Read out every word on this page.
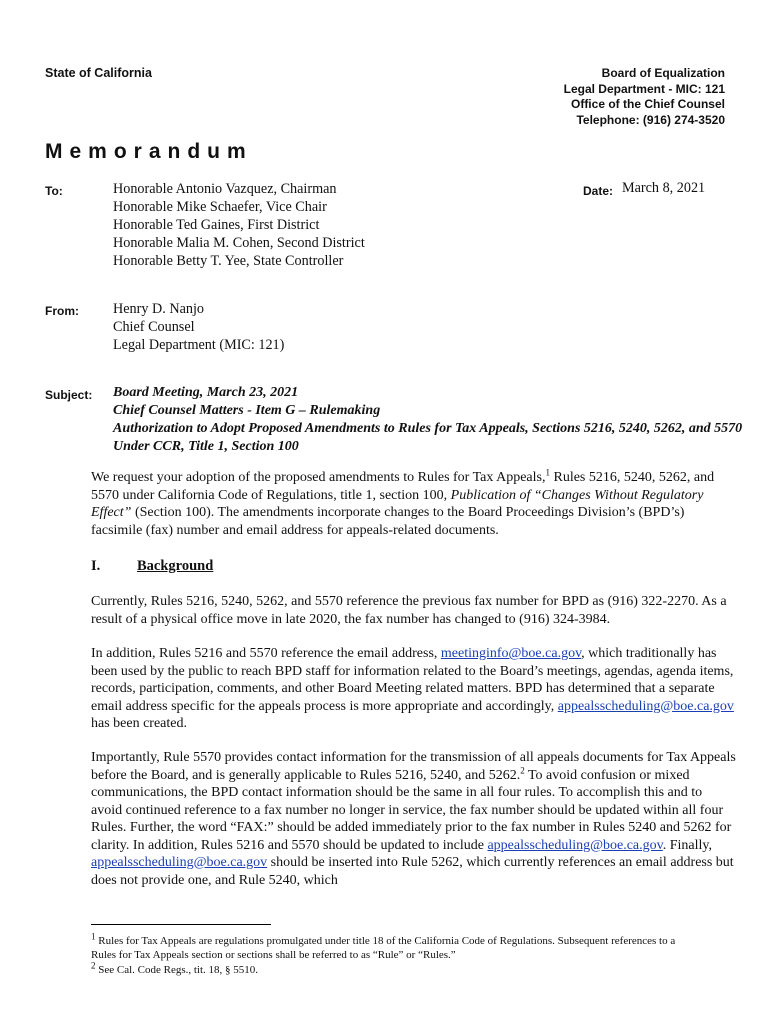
State of California	Board of Equalization
Legal Department - MIC: 121
Office of the Chief Counsel
Telephone: (916) 274-3520
Memorandum
To:	Honorable Antonio Vazquez, Chairman
Honorable Mike Schaefer, Vice Chair
Honorable Ted Gaines, First District
Honorable Malia M. Cohen, Second District
Honorable Betty T. Yee, State Controller
Date: March 8, 2021
From: Henry D. Nanjo
Chief Counsel
Legal Department (MIC: 121)
Subject: Board Meeting, March 23, 2021
Chief Counsel Matters - Item G – Rulemaking
Authorization to Adopt Proposed Amendments to Rules for Tax Appeals, Sections 5216, 5240, 5262, and 5570 Under CCR, Title 1, Section 100
We request your adoption of the proposed amendments to Rules for Tax Appeals,$^1$ Rules 5216, 5240, 5262, and 5570 under California Code of Regulations, title 1, section 100, Publication of “Changes Without Regulatory Effect” (Section 100). The amendments incorporate changes to the Board Proceedings Division’s (BPD’s) facsimile (fax) number and email address for appeals-related documents.
I.	Background
Currently, Rules 5216, 5240, 5262, and 5570 reference the previous fax number for BPD as (916) 322-2270. As a result of a physical office move in late 2020, the fax number has changed to (916) 324-3984.
In addition, Rules 5216 and 5570 reference the email address, meetinginfo@boe.ca.gov, which traditionally has been used by the public to reach BPD staff for information related to the Board’s meetings, agendas, agenda items, records, participation, comments, and other Board Meeting related matters. BPD has determined that a separate email address specific for the appeals process is more appropriate and accordingly, appealsscheduling@boe.ca.gov has been created.
Importantly, Rule 5570 provides contact information for the transmission of all appeals documents for Tax Appeals before the Board, and is generally applicable to Rules 5216, 5240, and 5262.$^2$ To avoid confusion or mixed communications, the BPD contact information should be the same in all four rules. To accomplish this and to avoid continued reference to a fax number no longer in service, the fax number should be updated within all four Rules. Further, the word “FAX:” should be added immediately prior to the fax number in Rules 5240 and 5262 for clarity. In addition, Rules 5216 and 5570 should be updated to include appealsscheduling@boe.ca.gov. Finally, appealsscheduling@boe.ca.gov should be inserted into Rule 5262, which currently references an email address but does not provide one, and Rule 5240, which
$^1$ Rules for Tax Appeals are regulations promulgated under title 18 of the California Code of Regulations. Subsequent references to a Rules for Tax Appeals section or sections shall be referred to as “Rule” or “Rules.”
$^2$ See Cal. Code Regs., tit. 18, § 5510.
